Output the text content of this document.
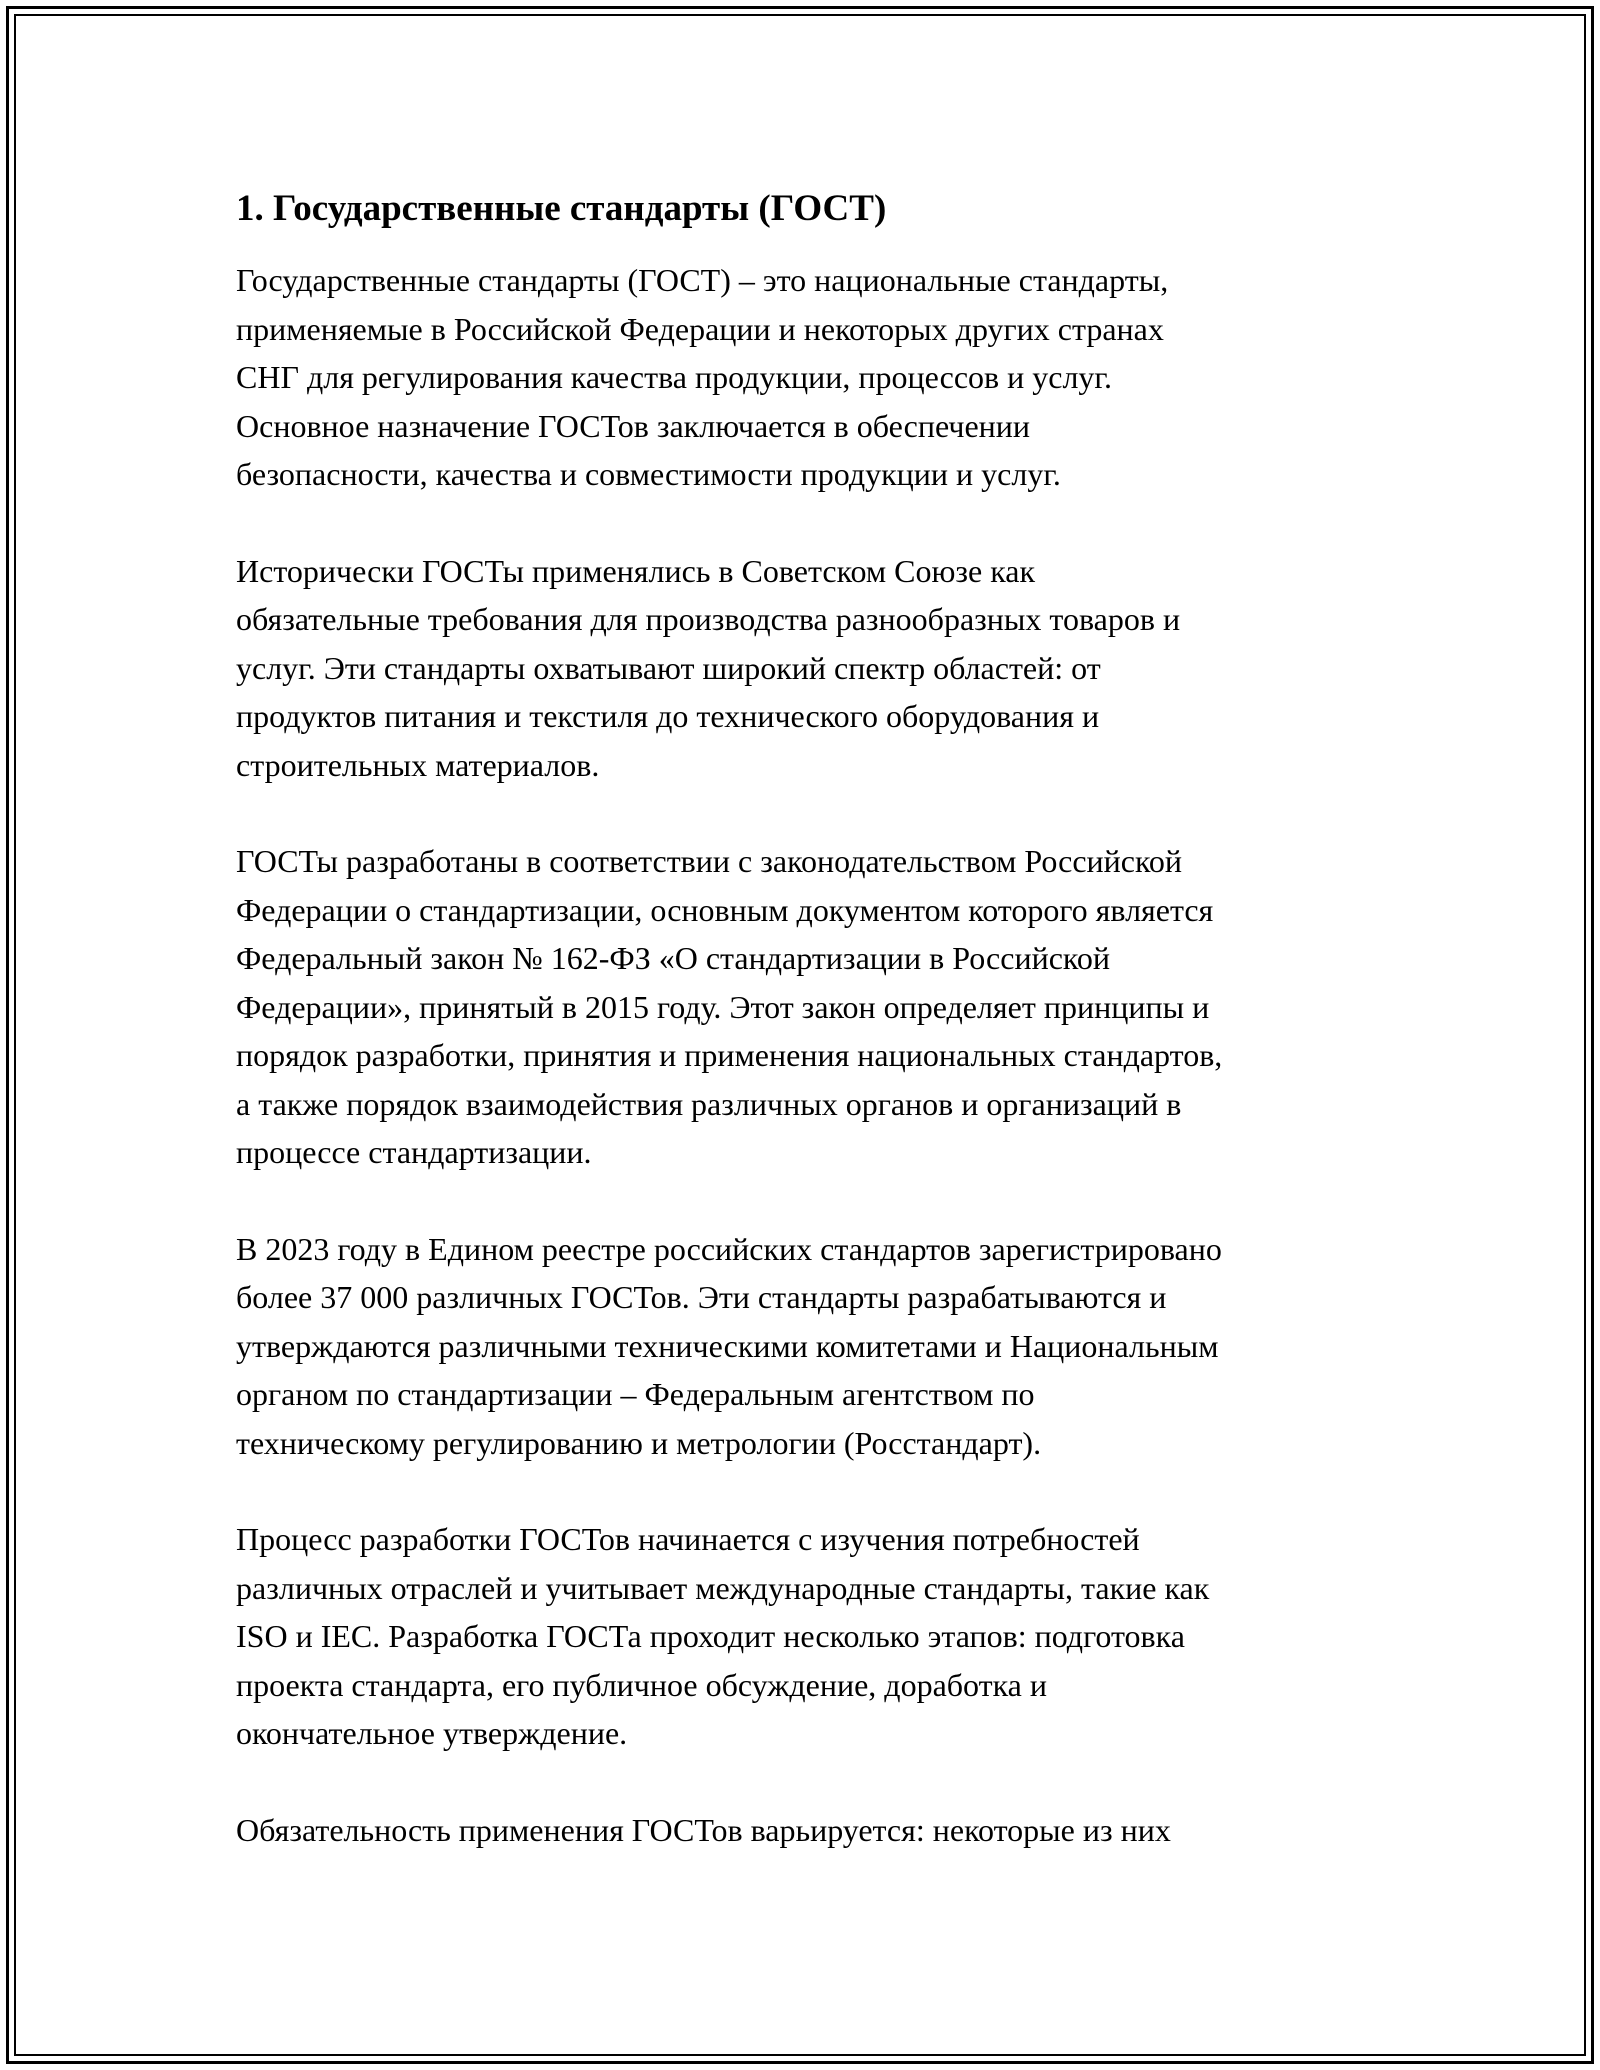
1. Государственные стандарты (ГОСТ)

Государственные стандарты (ГОСТ) – это национальные стандарты,
применяемые в Российской Федерации и некоторых других странах
СНГ для регулирования качества продукции, процессов и услуг.
Основное назначение ГОСТов заключается в обеспечении
безопасности, качества и совместимости продукции и услуг.

Исторически ГОСТы применялись в Советском Союзе как
обязательные требования для производства разнообразных товаров и
услуг. Эти стандарты охватывают широкий спектр областей: от
продуктов питания и текстиля до технического оборудования и
строительных материалов.

ГОСТы разработаны в соответствии с законодательством Российской
Федерации о стандартизации, основным документом которого является
Федеральный закон № 162-ФЗ «О стандартизации в Российской
Федерации», принятый в 2015 году. Этот закон определяет принципы и
порядок разработки, принятия и применения национальных стандартов,
а также порядок взаимодействия различных органов и организаций в
процессе стандартизации.

В 2023 году в Едином реестре российских стандартов зарегистрировано
более 37 000 различных ГОСТов. Эти стандарты разрабатываются и
утверждаются различными техническими комитетами и Национальным
органом по стандартизации – Федеральным агентством по
техническому регулированию и метрологии (Росстандарт).

Процесс разработки ГОСТов начинается с изучения потребностей
различных отраслей и учитывает международные стандарты, такие как
ISO и IEC. Разработка ГОСТа проходит несколько этапов: подготовка
проекта стандарта, его публичное обсуждение, доработка и
окончательное утверждение.

Обязательность применения ГОСТов варьируется: некоторые из них
